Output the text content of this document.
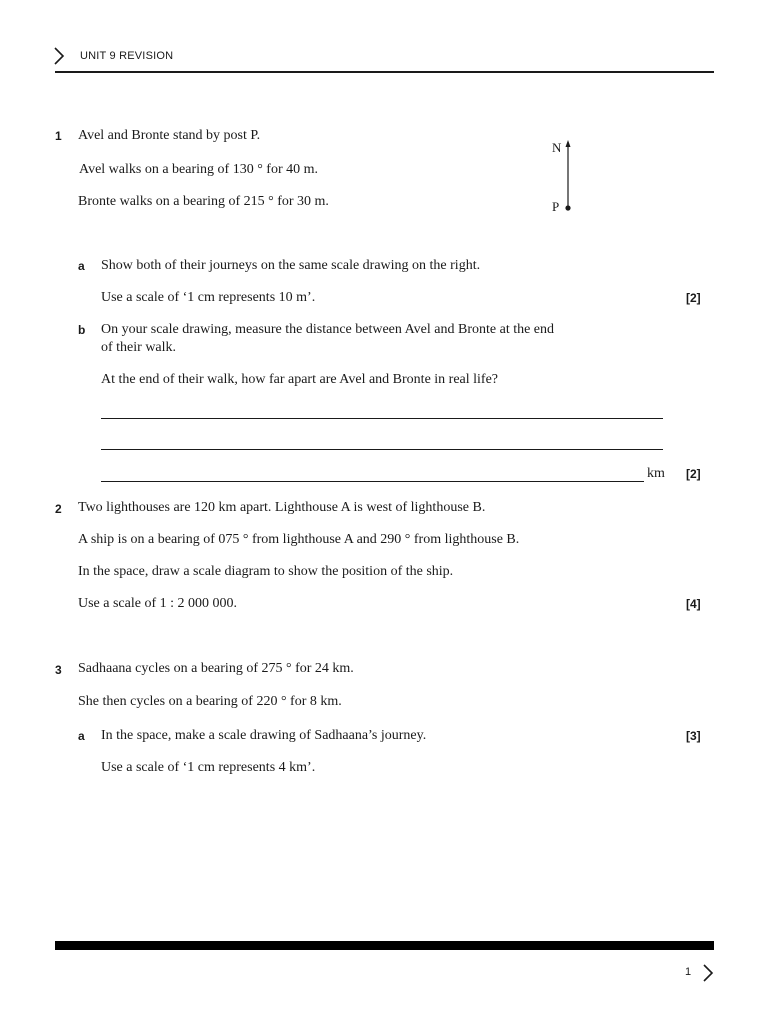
UNIT 9 REVISION
1 Avel and Bronte stand by post P.
Avel walks on a bearing of 130 ° for 40 m.
Bronte walks on a bearing of 215 ° for 30 m.
N
P
a Show both of their journeys on the same scale drawing on the right.
Use a scale of ‘1 cm represents 10 m’.	[2]
b On your scale drawing, measure the distance between Avel and Bronte at the end
of their walk.
At the end of their walk, how far apart are Avel and Bronte in real life?
km [2]
2 Two lighthouses are 120 km apart. Lighthouse A is west of lighthouse B.
A ship is on a bearing of 075 ° from lighthouse A and 290 ° from lighthouse B.
In the space, draw a scale diagram to show the position of the ship.
Use a scale of 1 : 2 000 000.	[4]
3 Sadhaana cycles on a bearing of 275 ° for 24 km.
She then cycles on a bearing of 220 ° for 8 km.
a In the space, make a scale drawing of Sadhaana’s journey.	[3]
Use a scale of ‘1 cm represents 4 km’.
1
